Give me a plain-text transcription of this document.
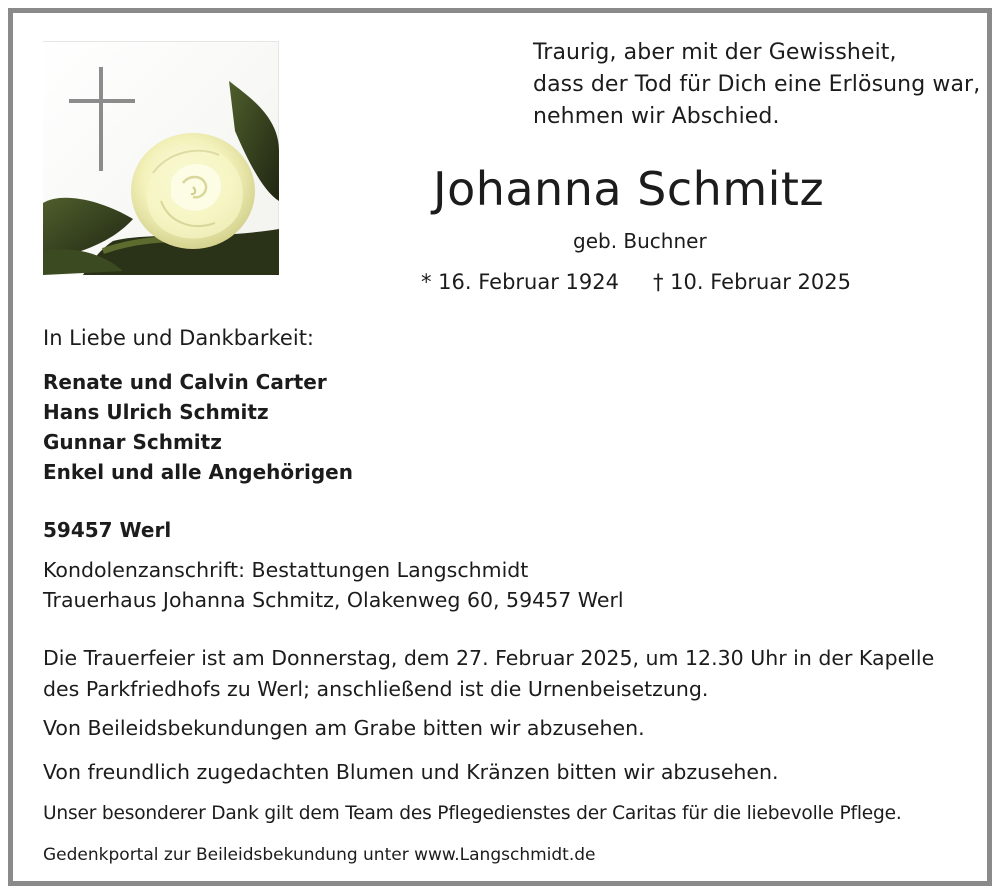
Traurig, aber mit der Gewissheit,
dass der Tod für Dich eine Erlösung war,
nehmen wir Abschied.
Johanna Schmitz
geb. Buchner
* 16. Februar 1924 † 10. Februar 2025
In Liebe und Dankbarkeit:
Renate und Calvin Carter
Hans Ulrich Schmitz
Gunnar Schmitz
Enkel und alle Angehörigen
59457 Werl
Kondolenzanschrift: Bestattungen Langschmidt
Trauerhaus Johanna Schmitz, Olakenweg 60, 59457 Werl
Die Trauerfeier ist am Donnerstag, dem 27. Februar 2025, um 12.30 Uhr in der Kapelle
des Parkfriedhofs zu Werl; anschließend ist die Urnenbeisetzung.
Von Beileidsbekundungen am Grabe bitten wir abzusehen.
Von freundlich zugedachten Blumen und Kränzen bitten wir abzusehen.
Unser besonderer Dank gilt dem Team des Pflegedienstes der Caritas für die liebevolle Pflege.
Gedenkportal zur Beileidsbekundung unter www.Langschmidt.de
